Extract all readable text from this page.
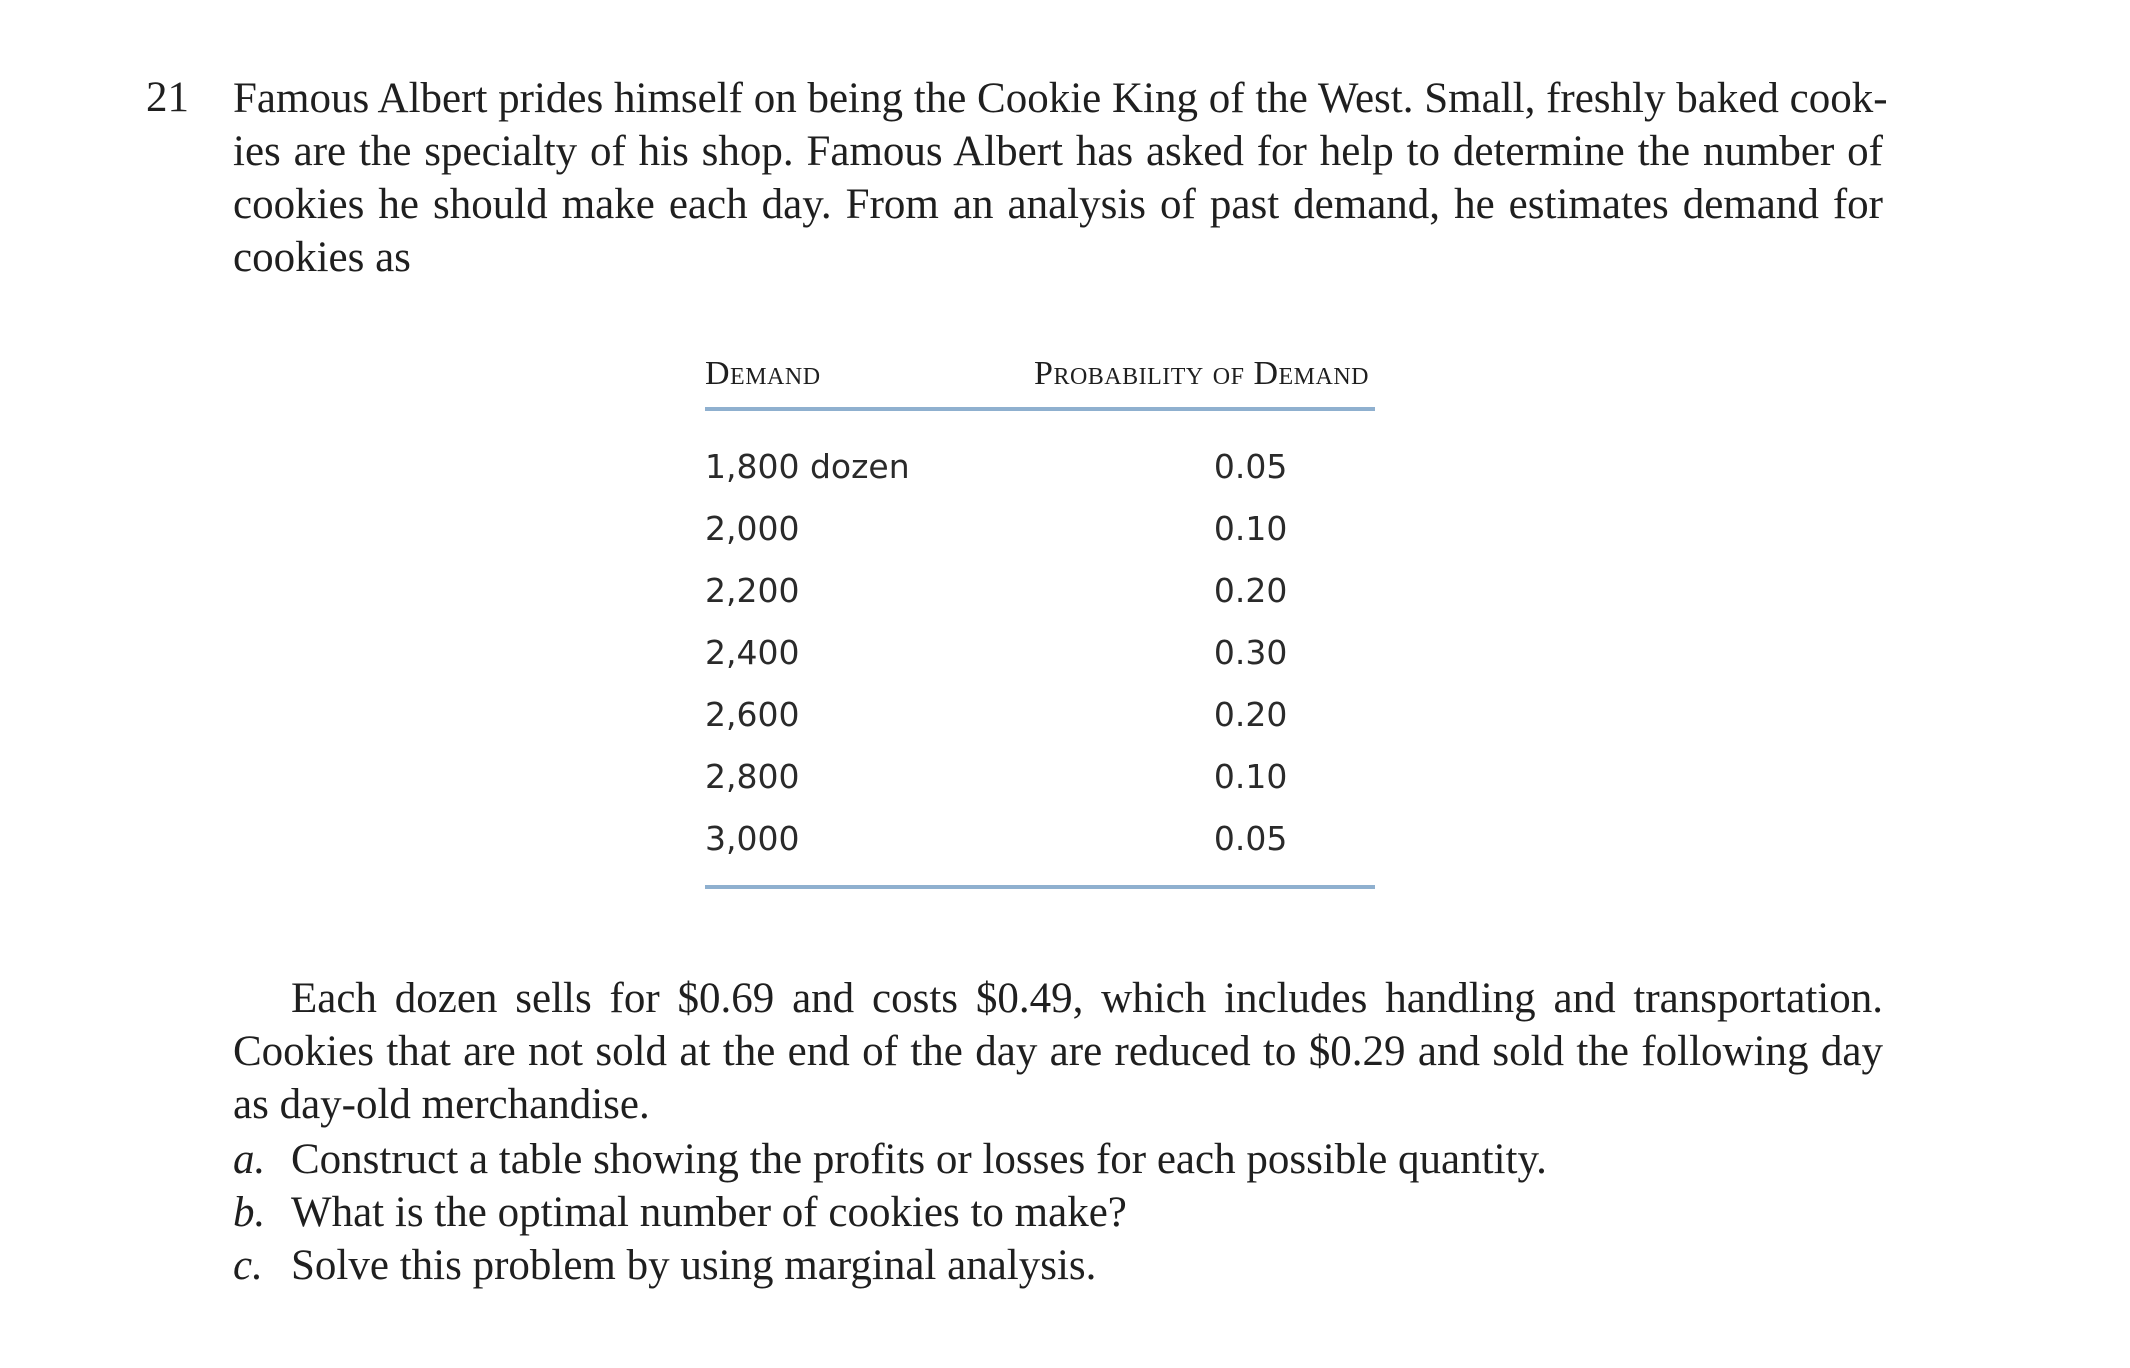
21 Famous Albert prides himself on being the Cookie King of the West. Small, freshly baked cook-
ies are the specialty of his shop. Famous Albert has asked for help to determine the number of
cookies he should make each day. From an analysis of past demand, he estimates demand for
cookies as
Demand	Probability of Demand
1,800 dozen	0.05
2,000	0.10
2,200	0.20
2,400	0.30
2,600	0.20
2,800	0.10
3,000	0.05
Each dozen sells for $0.69 and costs $0.49, which includes handling and transportation.
Cookies that are not sold at the end of the day are reduced to $0.29 and sold the following day
as day-old merchandise.
a. Construct a table showing the profits or losses for each possible quantity.
b. What is the optimal number of cookies to make?
c. Solve this problem by using marginal analysis.
